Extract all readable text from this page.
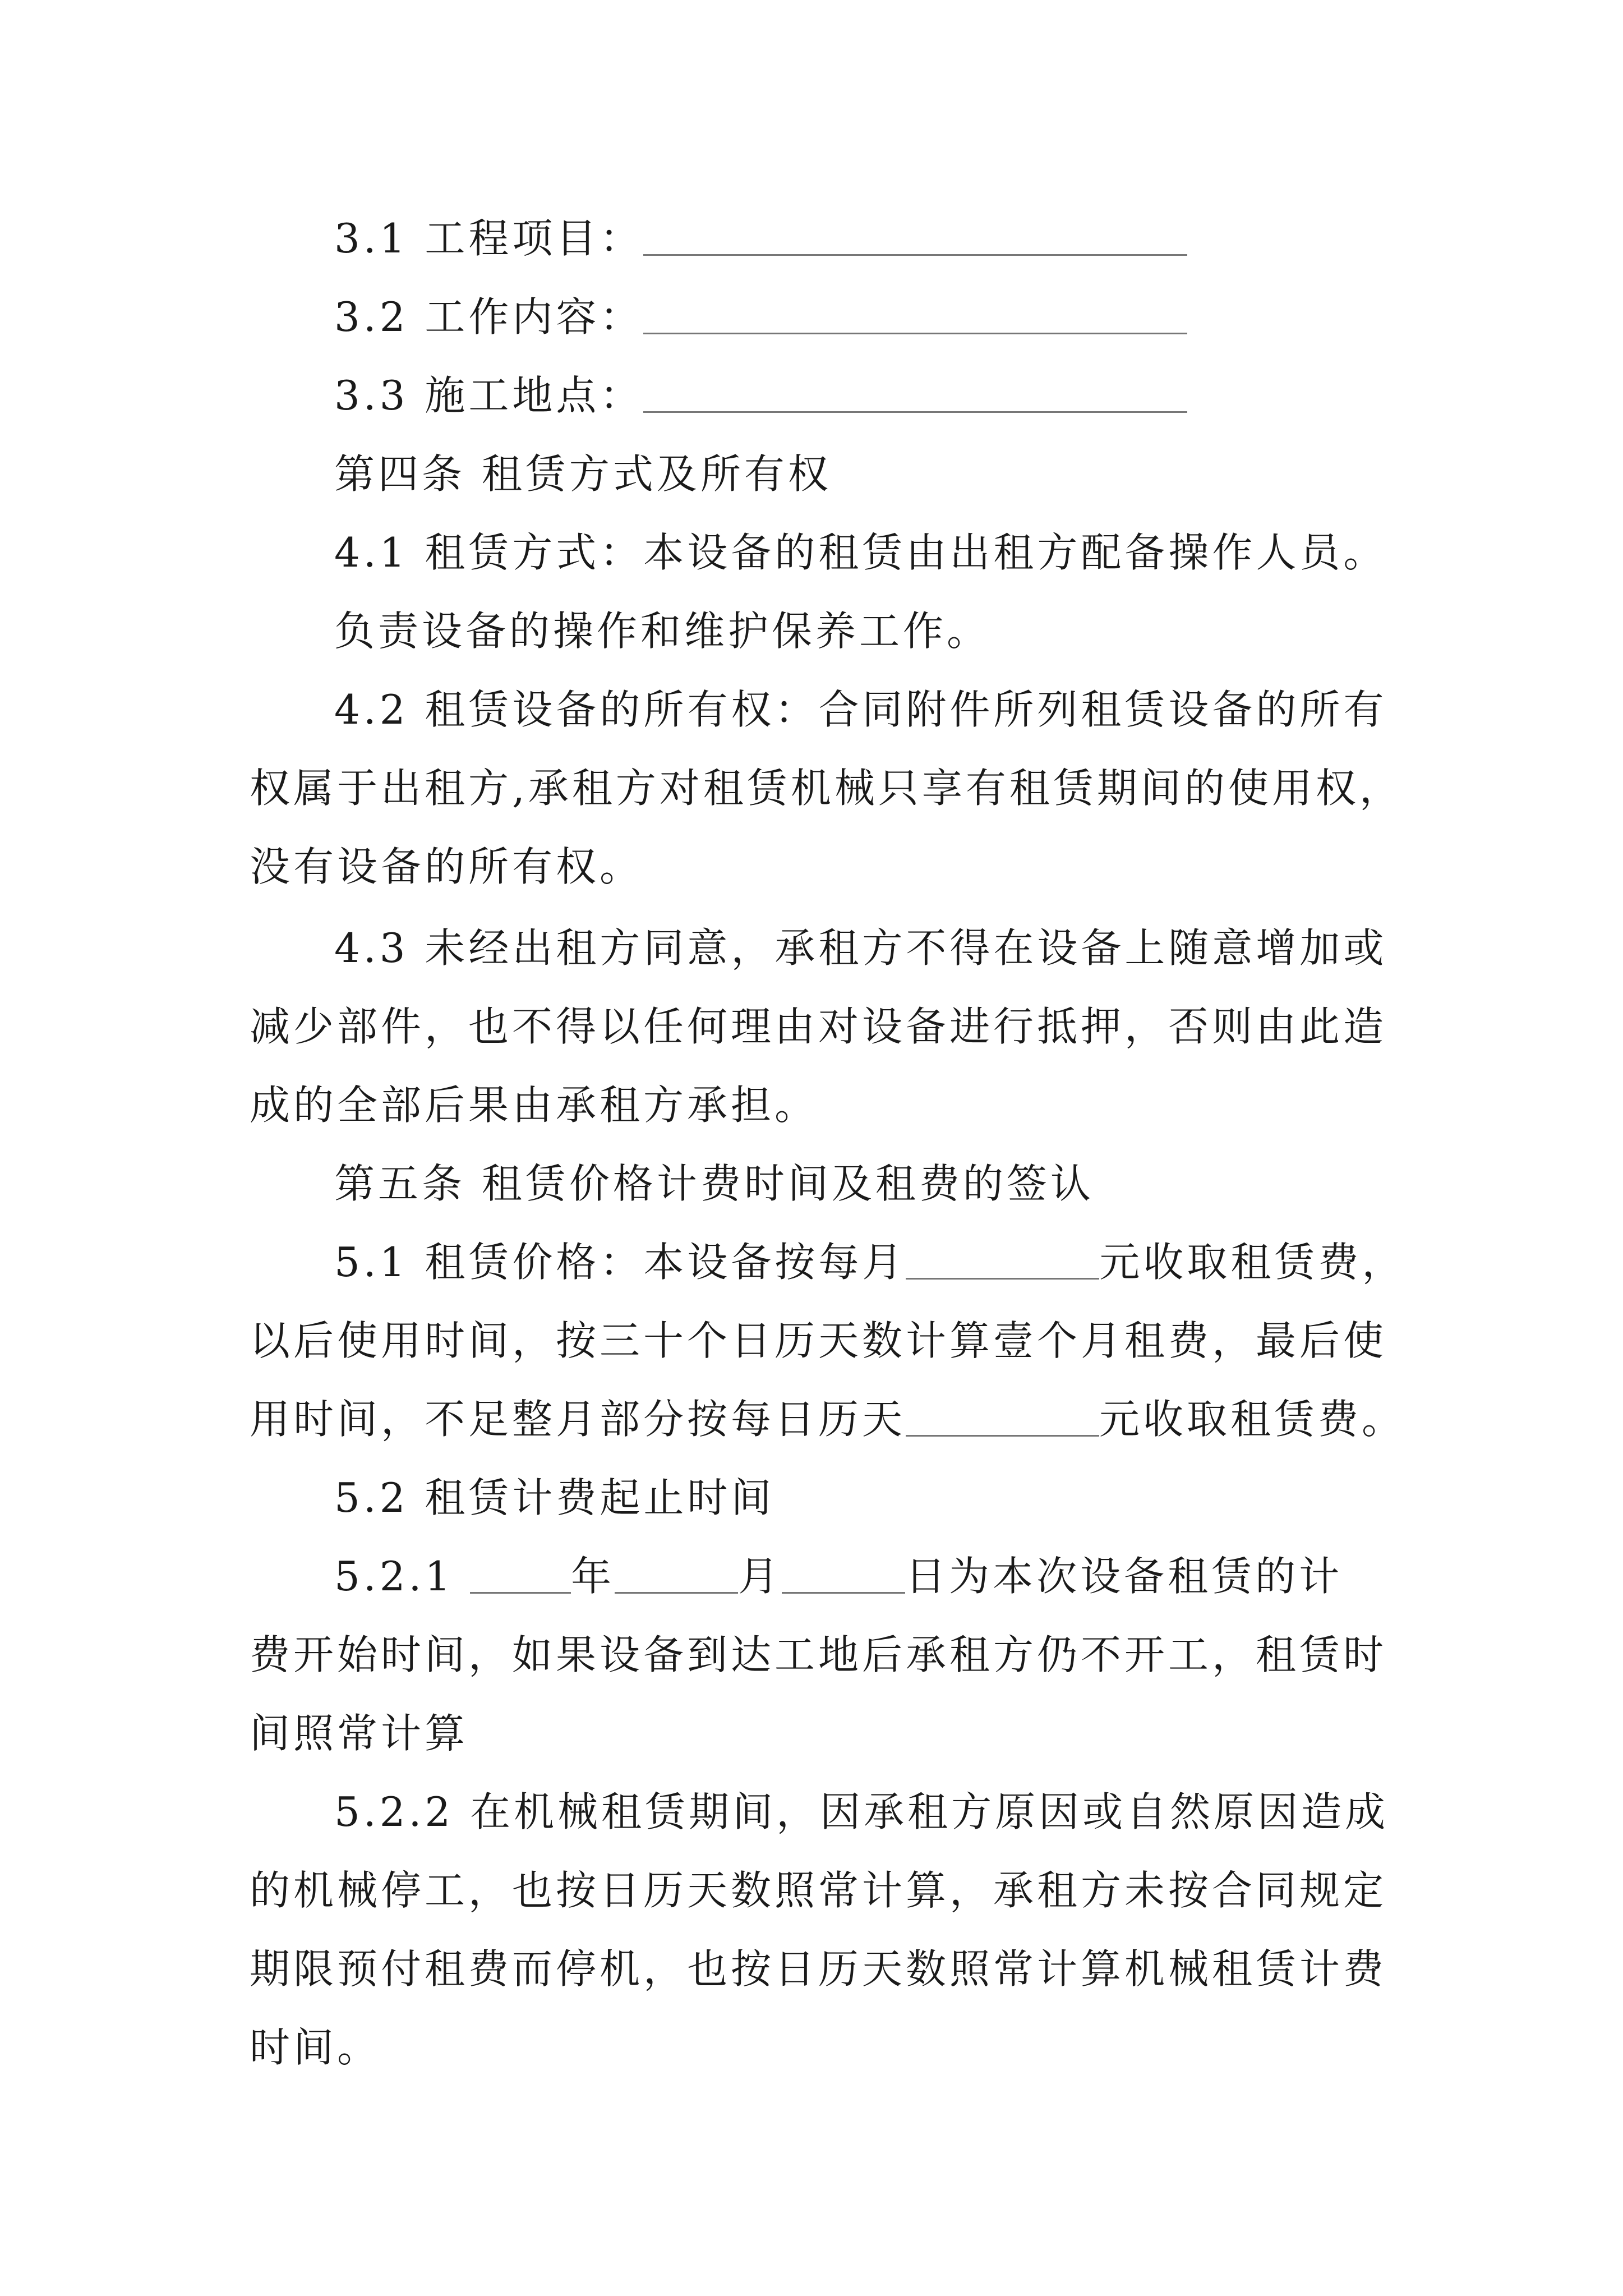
3.1 工程项目：
3.2 工作内容：
3.3 施工地点：
第四条 租赁方式及所有权
4.1 租赁方式：本设备的租赁由出租方配备操作人员。
负责设备的操作和维护保养工作。
4.2 租赁设备的所有权：合同附件所列租赁设备的所有
权属于出租方,承租方对租赁机械只享有租赁期间的使用权，
没有设备的所有权。
4.3 未经出租方同意，承租方不得在设备上随意增加或
减少部件，也不得以任何理由对设备进行抵押，否则由此造
成的全部后果由承租方承担。
第五条 租赁价格计费时间及租费的签认
5.1 租赁价格：本设备按每月	元收取租赁费，
以后使用时间，按三十个日历天数计算壹个月租费，最后使
用时间，不足整月部分按每日历天	元收取租赁费。
5.2 租赁计费起止时间
5.2.1	年	月	日为本次设备租赁的计
费开始时间，如果设备到达工地后承租方仍不开工，租赁时
间照常计算
5.2.2 在机械租赁期间，因承租方原因或自然原因造成
的机械停工，也按日历天数照常计算，承租方未按合同规定
期限预付租费而停机，也按日历天数照常计算机械租赁计费
时间。
